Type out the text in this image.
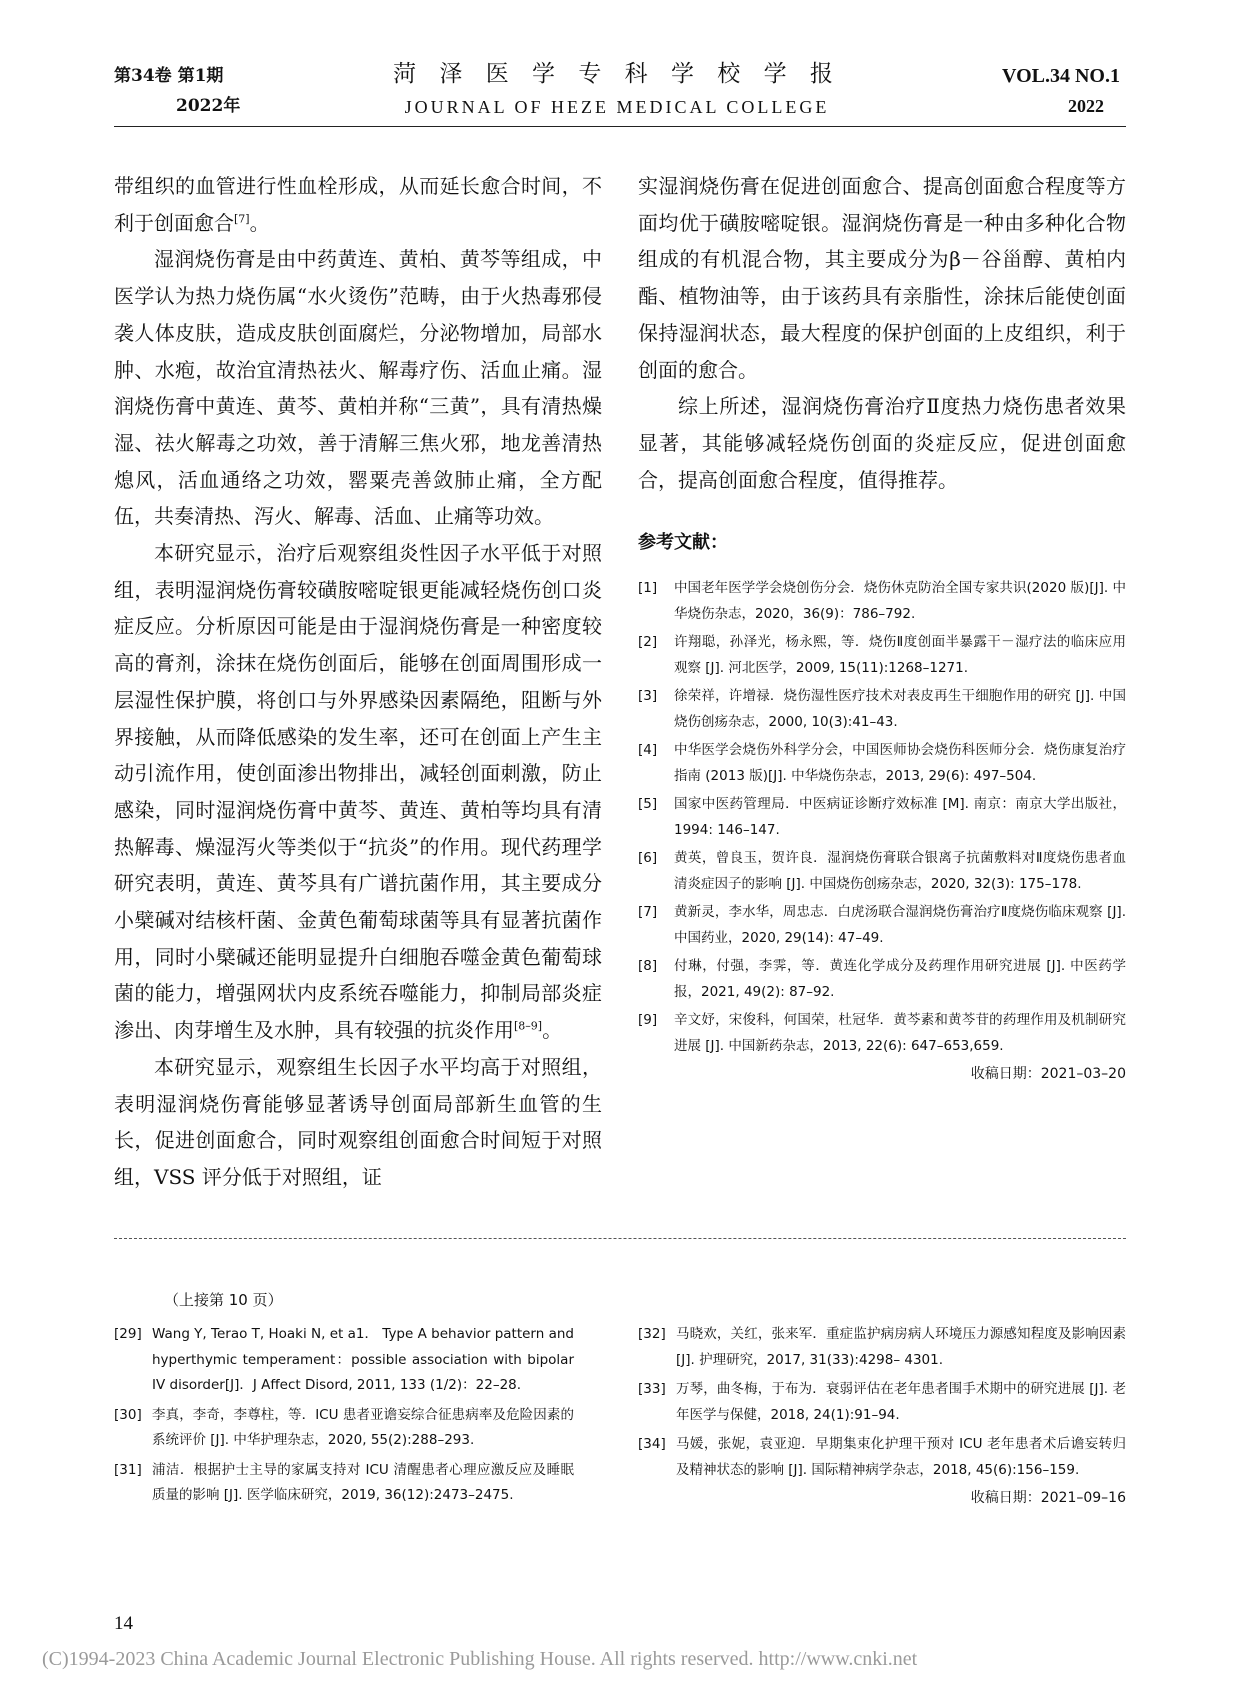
第34卷 第1期
2022年
菏 泽 医 学 专 科 学 校 学 报
JOURNAL OF HEZE MEDICAL COLLEGE
VOL.34 NO.1
2022

带组织的血管进行性血栓形成，从而延长愈合时间，不利于创面愈合[7]。

湿润烧伤膏是由中药黄连、黄柏、黄芩等组成，中医学认为热力烧伤属“水火烫伤”范畴，由于火热毒邪侵袭人体皮肤，造成皮肤创面腐烂，分泌物增加，局部水肿、水疱，故治宜清热祛火、解毒疗伤、活血止痛。湿润烧伤膏中黄连、黄芩、黄柏并称“三黄”，具有清热燥湿、祛火解毒之功效，善于清解三焦火邪，地龙善清热熄风，活血通络之功效，罂粟壳善敛肺止痛，全方配伍，共奏清热、泻火、解毒、活血、止痛等功效。

本研究显示，治疗后观察组炎性因子水平低于对照组，表明湿润烧伤膏较磺胺嘧啶银更能减轻烧伤创口炎症反应。分析原因可能是由于湿润烧伤膏是一种密度较高的膏剂，涂抹在烧伤创面后，能够在创面周围形成一层湿性保护膜，将创口与外界感染因素隔绝，阻断与外界接触，从而降低感染的发生率，还可在创面上产生主动引流作用，使创面渗出物排出，减轻创面刺激，防止感染，同时湿润烧伤膏中黄芩、黄连、黄柏等均具有清热解毒、燥湿泻火等类似于“抗炎”的作用。现代药理学研究表明，黄连、黄芩具有广谱抗菌作用，其主要成分小檗碱对结核杆菌、金黄色葡萄球菌等具有显著抗菌作用，同时小檗碱还能明显提升白细胞吞噬金黄色葡萄球菌的能力，增强网状内皮系统吞噬能力，抑制局部炎症渗出、肉芽增生及水肿，具有较强的抗炎作用[8–9]。

本研究显示，观察组生长因子水平均高于对照组，表明湿润烧伤膏能够显著诱导创面局部新生血管的生长，促进创面愈合，同时观察组创面愈合时间短于对照组，VSS 评分低于对照组，证

实湿润烧伤膏在促进创面愈合、提高创面愈合程度等方面均优于磺胺嘧啶银。湿润烧伤膏是一种由多种化合物组成的有机混合物，其主要成分为β－谷甾醇、黄柏内酯、植物油等，由于该药具有亲脂性，涂抹后能使创面保持湿润状态，最大程度的保护创面的上皮组织，利于创面的愈合。

综上所述，湿润烧伤膏治疗Ⅱ度热力烧伤患者效果显著，其能够减轻烧伤创面的炎症反应，促进创面愈合，提高创面愈合程度，值得推荐。

参考文献：
[1]	中国老年医学学会烧创伤分会．烧伤休克防治全国专家共识(2020 版)[J]. 中华烧伤杂志，2020，36(9)：786–792.
[2]	许翔聪，孙泽光，杨永熙，等．烧伤Ⅱ度创面半暴露干－湿疗法的临床应用观察 [J]. 河北医学，2009, 15(11):1268–1271.
[3]	徐荣祥，许增禄．烧伤湿性医疗技术对表皮再生干细胞作用的研究 [J]. 中国烧伤创疡杂志，2000, 10(3):41–43.
[4]	中华医学会烧伤外科学分会，中国医师协会烧伤科医师分会．烧伤康复治疗指南 (2013 版)[J]. 中华烧伤杂志，2013, 29(6): 497–504.
[5]	国家中医药管理局．中医病证诊断疗效标准 [M]. 南京：南京大学出版社，1994: 146–147.
[6]	黄英，曾良玉，贺许良．湿润烧伤膏联合银离子抗菌敷料对Ⅱ度烧伤患者血清炎症因子的影响 [J]. 中国烧伤创疡杂志，2020, 32(3): 175–178.
[7]	黄新灵，李水华，周忠志．白虎汤联合湿润烧伤膏治疗Ⅱ度烧伤临床观察 [J]. 中国药业，2020, 29(14): 47–49.
[8]	付琳，付强，李霁，等．黄连化学成分及药理作用研究进展 [J]. 中医药学报，2021, 49(2): 87–92.
[9]	辛文妤，宋俊科，何国荣，杜冠华．黄芩素和黄芩苷的药理作用及机制研究进展 [J]. 中国新药杂志，2013, 22(6): 647–653,659.
收稿日期：2021–03–20
（上接第 10 页）
[29] Wang Y, Terao T, Hoaki N, et a1． Type A behavior pattern and hyperthymic temperament：possible association with bipolar IV disorder[J]．J Affect Disord, 2011, 133 (1/2)：22–28.
[30] 李真，李奇，李尊柱，等．ICU 患者亚谵妄综合征患病率及危险因素的系统评价 [J]. 中华护理杂志，2020, 55(2):288–293.
[31] 浦洁．根据护士主导的家属支持对 ICU 清醒患者心理应激反应及睡眠质量的影响 [J]. 医学临床研究，2019, 36(12):2473–2475.
[32] 马晓欢，关红，张来军．重症监护病房病人环境压力源感知程度及影响因素 [J]. 护理研究，2017, 31(33):4298– 4301.
[33] 万琴，曲冬梅，于布为．衰弱评估在老年患者围手术期中的研究进展 [J]. 老年医学与保健，2018, 24(1):91–94.
[34] 马媛，张妮，袁亚迎．早期集束化护理干预对 ICU 老年患者术后谵妄转归及精神状态的影响 [J]. 国际精神病学杂志，2018, 45(6):156–159.
收稿日期：2021–09–16
14
(C)1994-2023 China Academic Journal Electronic Publishing House. All rights reserved. http://www.cnki.net
